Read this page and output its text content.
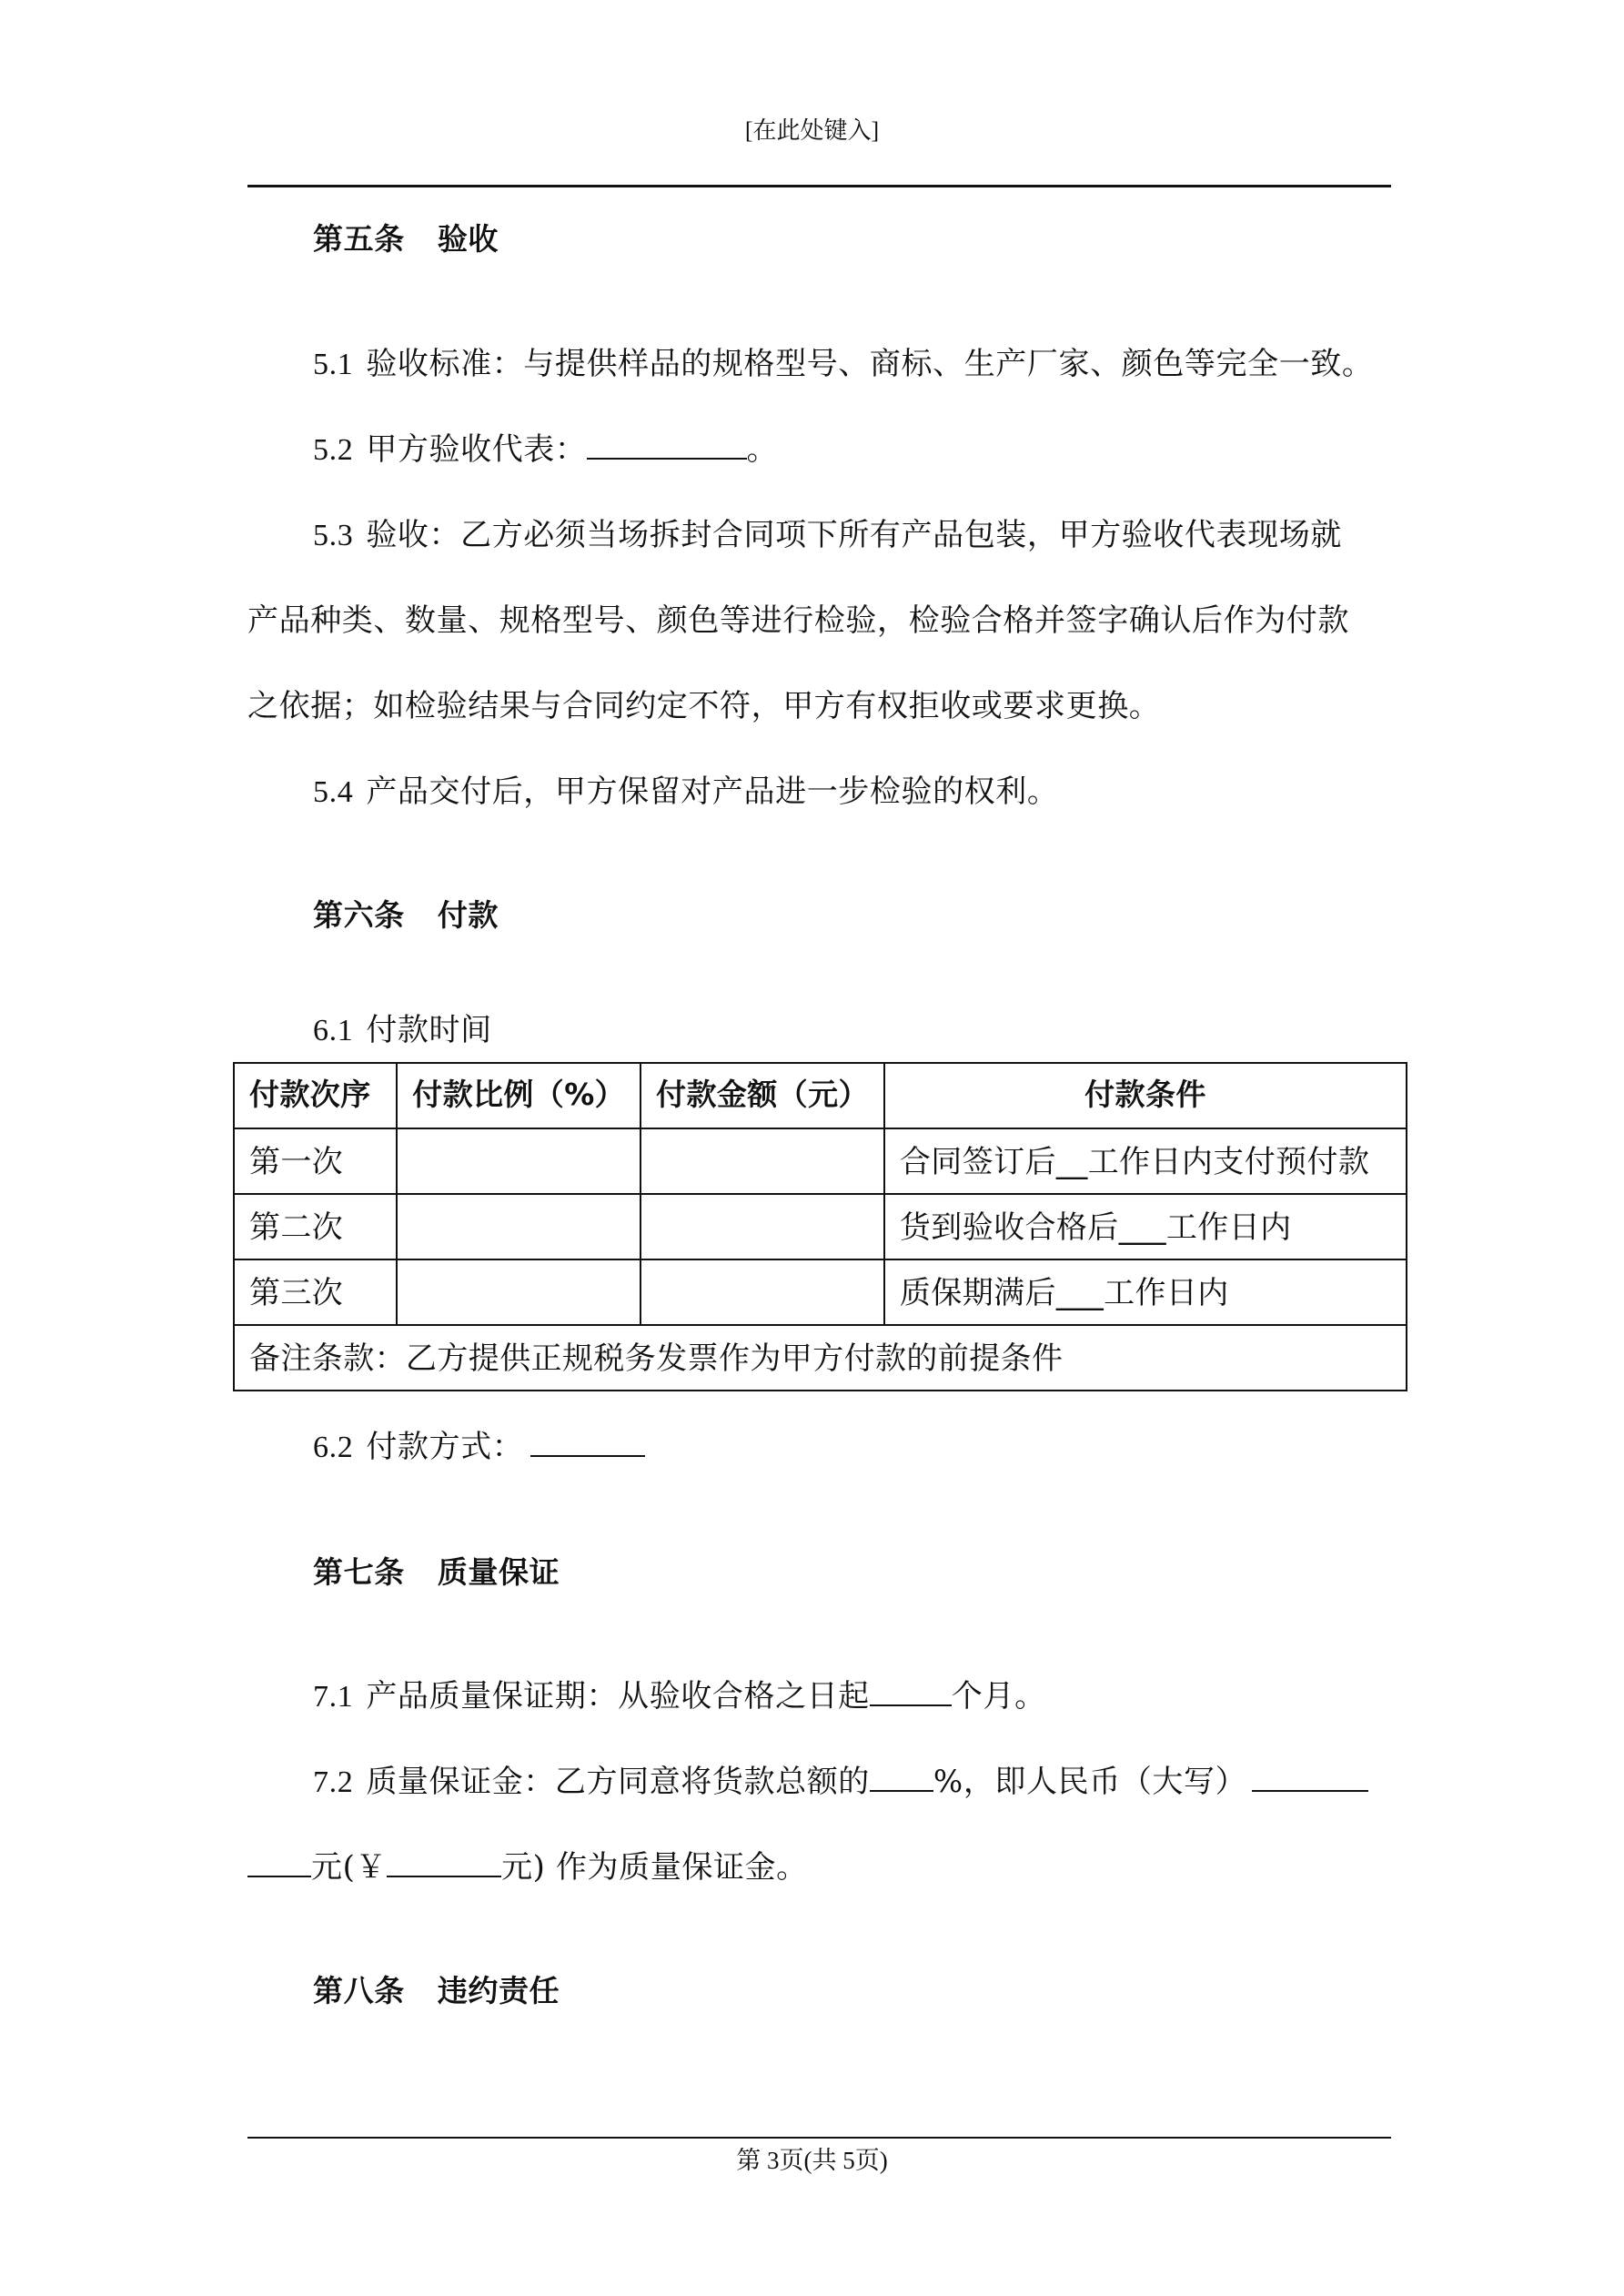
[在此处键入]
第五条 验收
5.1 验收标准：与提供样品的规格型号、商标、生产厂家、颜色等完全一致。
5.2 甲方验收代表：	。
5.3 验收：乙方必须当场拆封合同项下所有产品包装，甲方验收代表现场就
产品种类、数量、规格型号、颜色等进行检验，检验合格并签字确认后作为付款
之依据；如检验结果与合同约定不符，甲方有权拒收或要求更换。
5.4 产品交付后，甲方保留对产品进一步检验的权利。
第六条 付款
6.1 付款时间
付款次序	付款比例（%）	付款金额（元）	付款条件
第一次			合同签订后__工作日内支付预付款
第二次			货到验收合格后___工作日内
第三次			质保期满后___工作日内
备注条款：乙方提供正规税务发票作为甲方付款的前提条件			
6.2 付款方式：
第七条 质量保证
7.1 产品质量保证期：从验收合格之日起	个月。
7.2 质量保证金：乙方同意将货款总额的 %，即人民币（大写）
元(￥	元) 作为质量保证金。
第八条 违约责任
第 3页(共 5页)
